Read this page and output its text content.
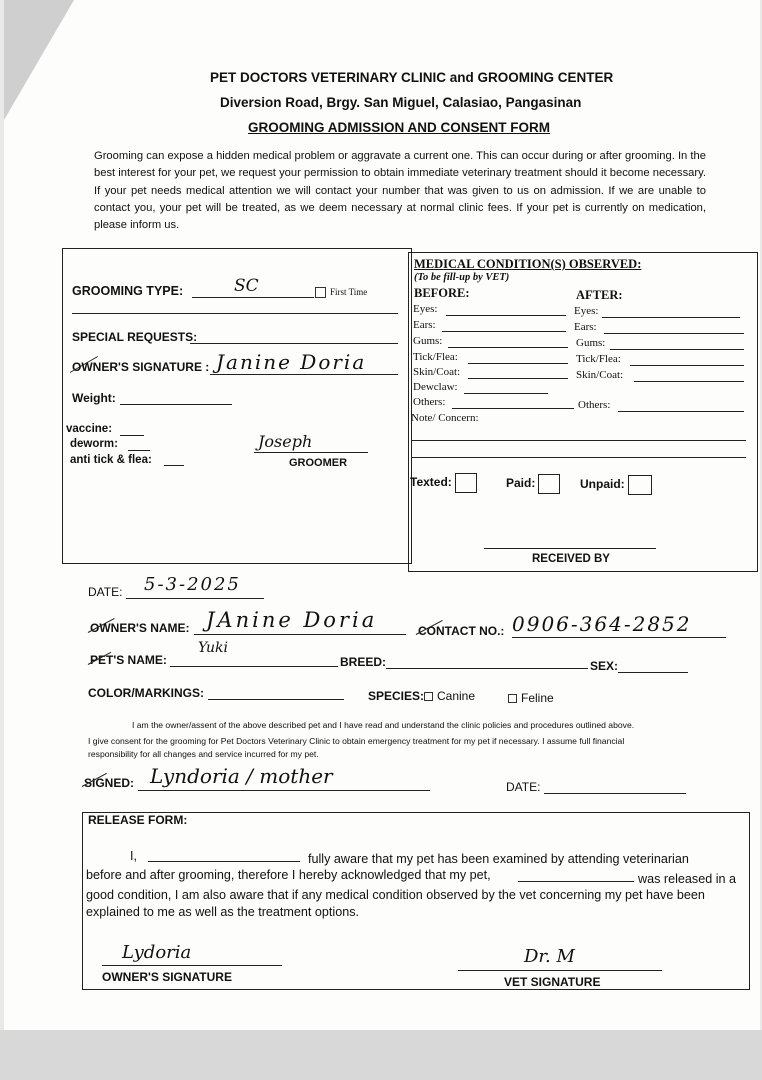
PET DOCTORS VETERINARY CLINIC and GROOMING CENTER
Diversion Road, Brgy. San Miguel, Calasiao, Pangasinan
GROOMING ADMISSION AND CONSENT FORM
Grooming can expose a hidden medical problem or aggravate a current one. This can occur during or after grooming. In the best interest for your pet, we request your permission to obtain immediate veterinary treatment should it become necessary. If your pet needs medical attention we will contact your number that was given to us on admission. If we are unable to contact you, your pet will be treated, as we deem necessary at normal clinic fees. If your pet is currently on medication, please inform us.
GROOMING TYPE:	SC	First Time
SPECIAL REQUESTS:
OWNER'S SIGNATURE : Janine Doria
Weight:
vaccine:
deworm:
anti tick & flea:
Joseph
GROOMER
MEDICAL CONDITION(S) OBSERVED:
(To be fill-up by VET)
BEFORE:	AFTER:
Eyes:
Ears:
Gums:
Tick/Flea:
Skin/Coat:
Dewclaw:
Others:
Eyes:
Ears:
Gums:
Tick/Flea:
Skin/Coat:
Others:
Note/ Concern:
Texted:	Paid:	Unpaid:
RECEIVED BY
DATE: 5-3-2025
OWNER'S NAME: JAnine Doria	CONTACT NO.: 0906-364-2852
PET'S NAME:
Yuki
BREED:	SEX:
COLOR/MARKINGS:	SPECIES:	Canine	Feline
I am the owner/assent of the above described pet and I have read and understand the clinic policies and procedures outlined above.
I give consent for the grooming for Pet Doctors Veterinary Clinic to obtain emergency treatment for my pet if necessary. I assume full financial
responsibility for all changes and service incurred for my pet.
SIGNED: Lyndoria / mother	DATE:
RELEASE FORM:
I,	fully aware that my pet has been examined by attending veterinarian
before and after grooming, therefore I hereby acknowledged that my pet,	was released in a
good condition, I am also aware that if any medical condition observed by the vet concerning my pet have been explained to me as well as the treatment options.
Lydoria
OWNER'S SIGNATURE
Dr. M
VET SIGNATURE
